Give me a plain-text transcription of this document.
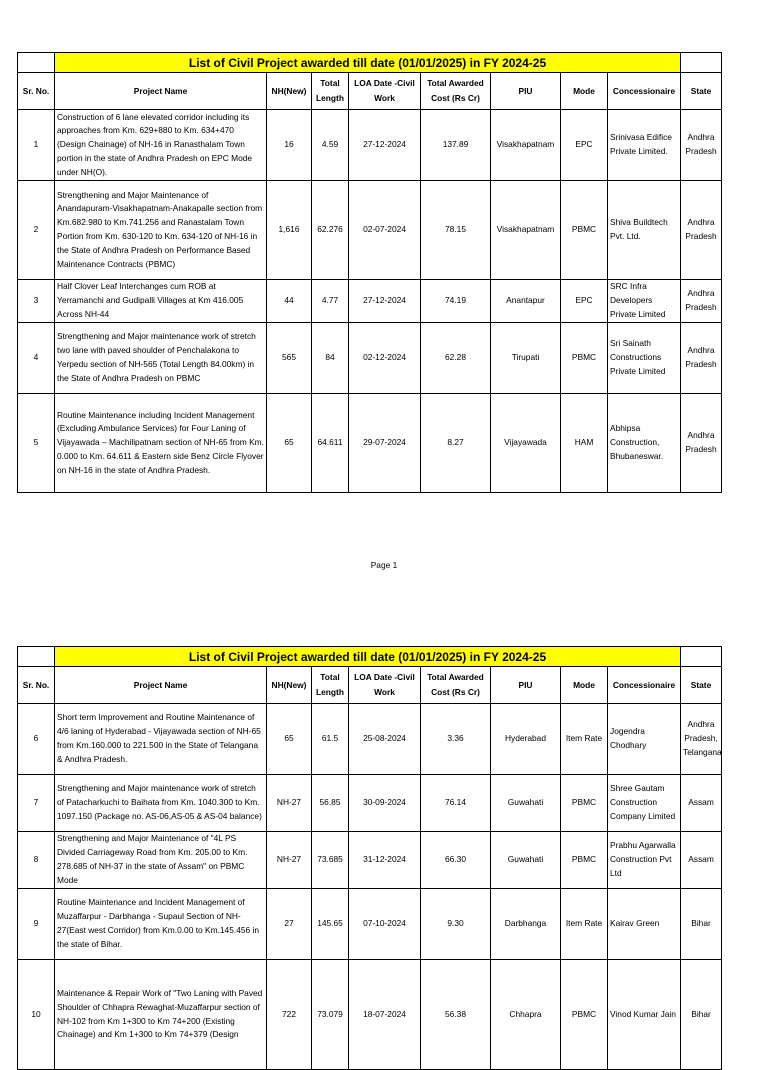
	List of Civil Project awarded till date (01/01/2025) in FY 2024-25								
Sr. No.	Project Name	NH(New)	Total Length	LOA Date -Civil Work	Total Awarded Cost (Rs Cr)	PIU	Mode	Concessionaire	State
1	Construction of 6 lane elevated corridor including its approaches from Km. 629+880 to Km. 634+470 (Design Chainage) of NH-16 in Ranasthalam Town portion in the state of Andhra Pradesh on EPC Mode under NH(O).	16	4.59	27-12-2024	137.89	Visakhapatnam	EPC	Srinivasa Edifice Private Limited.	Andhra Pradesh
2	Strengthening and Major Maintenance of Anandapuram-Visakhapatnam-Anakapalle section from Km.682.980 to Km.741.256 and Ranastalam Town Portion from Km. 630-120 to Km. 634-120 of NH-16 in the State of Andhra Pradesh on Performance Based Maintenance Contracts (PBMC)	1,616	62.276	02-07-2024	78.15	Visakhapatnam	PBMC	Shiva Buildtech Pvt. Ltd.	Andhra Pradesh
3	Half Clover Leaf Interchanges cum ROB at Yerramanchi and Gudipalli Villages at Km 416.005 Across NH-44	44	4.77	27-12-2024	74.19	Anantapur	EPC	SRC Infra Developers Private Limited	Andhra Pradesh
4	Strengthening and Major maintenance work of stretch two lane with paved shoulder of Penchalakona to Yerpedu section of NH-565 (Total Length 84.00km) in the State of Andhra Pradesh on PBMC	565	84	02-12-2024	62.28	Tirupati	PBMC	Sri Sainath Constructions Private Limited	Andhra Pradesh
5	Routine Maintenance including Incident Management (Excluding Ambulance Services) for Four Laning of Vijayawada – Machilipatnam section of NH-65 from Km. 0.000 to Km. 64.611 & Eastern side Benz Circle Flyover on NH-16 in the state of Andhra Pradesh.	65	64.611	29-07-2024	8.27	Vijayawada	HAM	Abhipsa Construction, Bhubaneswar.	Andhra Pradesh
Page 1
	List of Civil Project awarded till date (01/01/2025) in FY 2024-25								
Sr. No.	Project Name	NH(New)	Total Length	LOA Date -Civil Work	Total Awarded Cost (Rs Cr)	PIU	Mode	Concessionaire	State
6	Short term Improvement and Routine Maintenance of 4/6 laning of Hyderabad - Vijayawada section of NH-65 from Km.160.000 to 221.500 in the State of Telangana & Andhra Pradesh.	65	61.5	25-08-2024	3.36	Hyderabad	Item Rate	Jogendra Chodhary	Andhra Pradesh, Telangana
7	Strengthening and Major maintenance work of stretch of Patacharkuchi to Baihata from Km. 1040.300 to Km. 1097.150 (Package no. AS-06,AS-05 & AS-04 balance)	NH-27	56.85	30-09-2024	76.14	Guwahati	PBMC	Shree Gautam Construction Company Limited	Assam
8	Strengthening and Major Maintenance of "4L PS Divided Carriageway Road from Km. 205.00 to Km. 278.685 of NH-37 in the state of Assam" on PBMC Mode	NH-27	73.685	31-12-2024	66.30	Guwahati	PBMC	Prabhu Agarwalla Construction Pvt Ltd	Assam
9	Routine Maintenance and Incident Management of Muzaffarpur - Darbhanga - Supaul Section of NH-27(East west Corridor) from Km.0.00 to Km.145.456 in the state of Bihar.	27	145.65	07-10-2024	9.30	Darbhanga	Item Rate	Kairav Green	Bihar
10	Maintenance & Repair Work of "Two Laning with Paved Shoulder of Chhapra Rewaghat-Muzaffarpur section of NH-102 from Km 1+300 to Km 74+200 (Existing Chainage) and Km 1+300 to Km 74+379 (Design	722	73.079	18-07-2024	56.38	Chhapra	PBMC	Vinod Kumar Jain	Bihar
